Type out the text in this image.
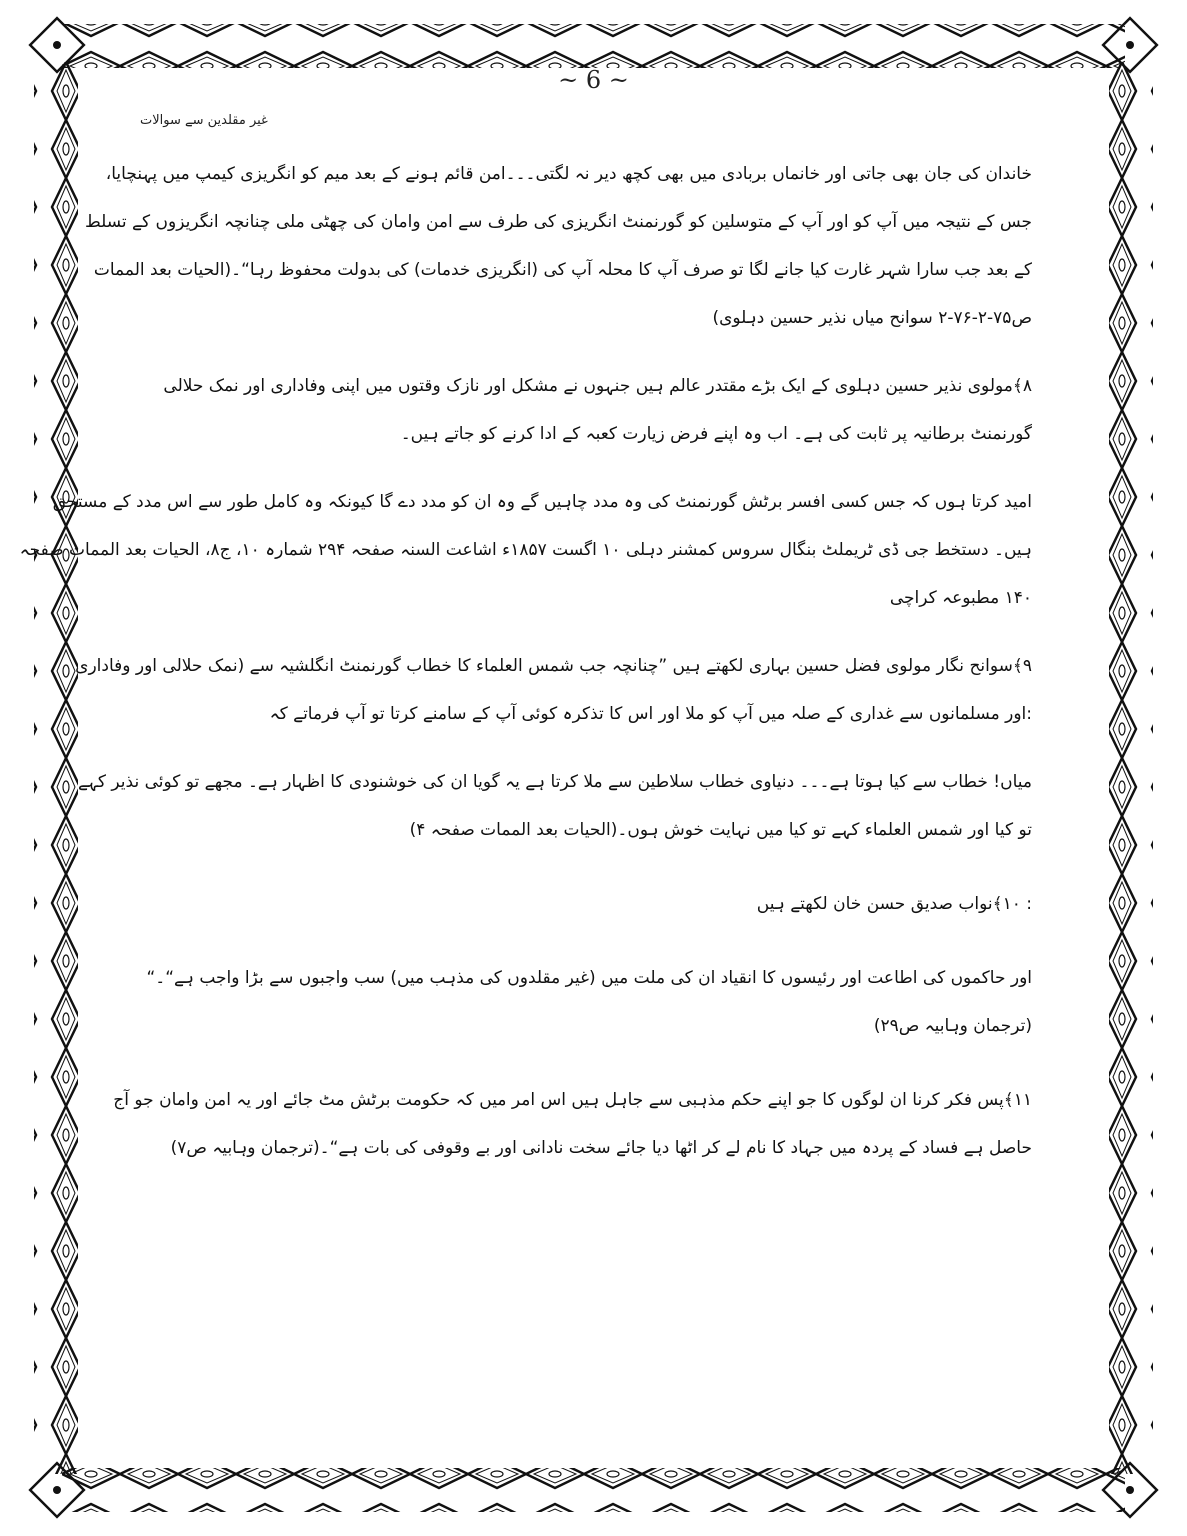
~ 6 ~
غیر مقلدین سے سوالات
خاندان کی جان بھی جاتی اور خانماں بربادی میں بھی کچھ دیر نہ لگتی۔۔۔امن قائم ہونے کے بعد میم کو انگریزی کیمپ میں پہنچایا،
جس کے نتیجہ میں آپ کو اور آپ کے متوسلین کو گورنمنٹ انگریزی کی طرف سے امن وامان کی چھٹی ملی چنانچہ انگریزوں کے تسلط
کے بعد جب سارا شہر غارت کیا جانے لگا تو صرف آپ کا محلہ آپ کی (انگریزی خدمات) کی بدولت محفوظ رہا“۔(الحیات بعد الممات
ص۷۵-۲-۷۶-۲ سوانح میاں نذیر حسین دہلوی)
۸﴾مولوی نذیر حسین دہلوی کے ایک بڑے مقتدر عالم ہیں جنہوں نے مشکل اور نازک وقتوں میں اپنی وفاداری اور نمک حلالی
گورنمنٹ برطانیہ پر ثابت کی ہے۔ اب وہ اپنے فرض زیارت کعبہ کے ادا کرنے کو جاتے ہیں۔
امید کرتا ہوں کہ جس کسی افسر برٹش گورنمنٹ کی وہ مدد چاہیں گے وہ ان کو مدد دے گا کیونکہ وہ کامل طور سے اس مدد کے مستحق
ہیں۔ دستخط جی ڈی ٹریملٹ بنگال سروس کمشنر دہلی ۱۰ اگست ۱۸۵۷ء اشاعت السنہ صفحہ ۲۹۴ شمارہ ۱۰، ج۸، الحیات بعد الممات صفحہ
۱۴۰ مطبوعہ کراچی
۹﴾سوانح نگار مولوی فضل حسین بہاری لکھتے ہیں ”چنانچہ جب شمس العلماء کا خطاب گورنمنٹ انگلشیہ سے (نمک حلالی اور وفاداری
:اور مسلمانوں سے غداری کے صلہ میں آپ کو ملا اور اس کا تذکرہ کوئی آپ کے سامنے کرتا تو آپ فرماتے کہ
میاں! خطاب سے کیا ہوتا ہے۔۔۔ دنیاوی خطاب سلاطین سے ملا کرتا ہے یہ گویا ان کی خوشنودی کا اظہار ہے۔ مجھے تو کوئی نذیر کہے
تو کیا اور شمس العلماء کہے تو کیا میں نہایت خوش ہوں۔(الحیات بعد الممات صفحہ ۴)
: ۱۰﴾نواب صدیق حسن خان لکھتے ہیں
اور حاکموں کی اطاعت اور رئیسوں کا انقیاد ان کی ملت میں (غیر مقلدوں کی مذہب میں) سب واجبوں سے بڑا واجب ہے“۔“
(ترجمان وہابیہ ص۲۹)
۱۱﴾پس فکر کرنا ان لوگوں کا جو اپنے حکم مذہبی سے جاہل ہیں اس امر میں کہ حکومت برٹش مٹ جائے اور یہ امن وامان جو آج
حاصل ہے فساد کے پردہ میں جہاد کا نام لے کر اٹھا دیا جائے سخت نادانی اور بے وقوفی کی بات ہے“۔(ترجمان وہابیہ ص۷)
